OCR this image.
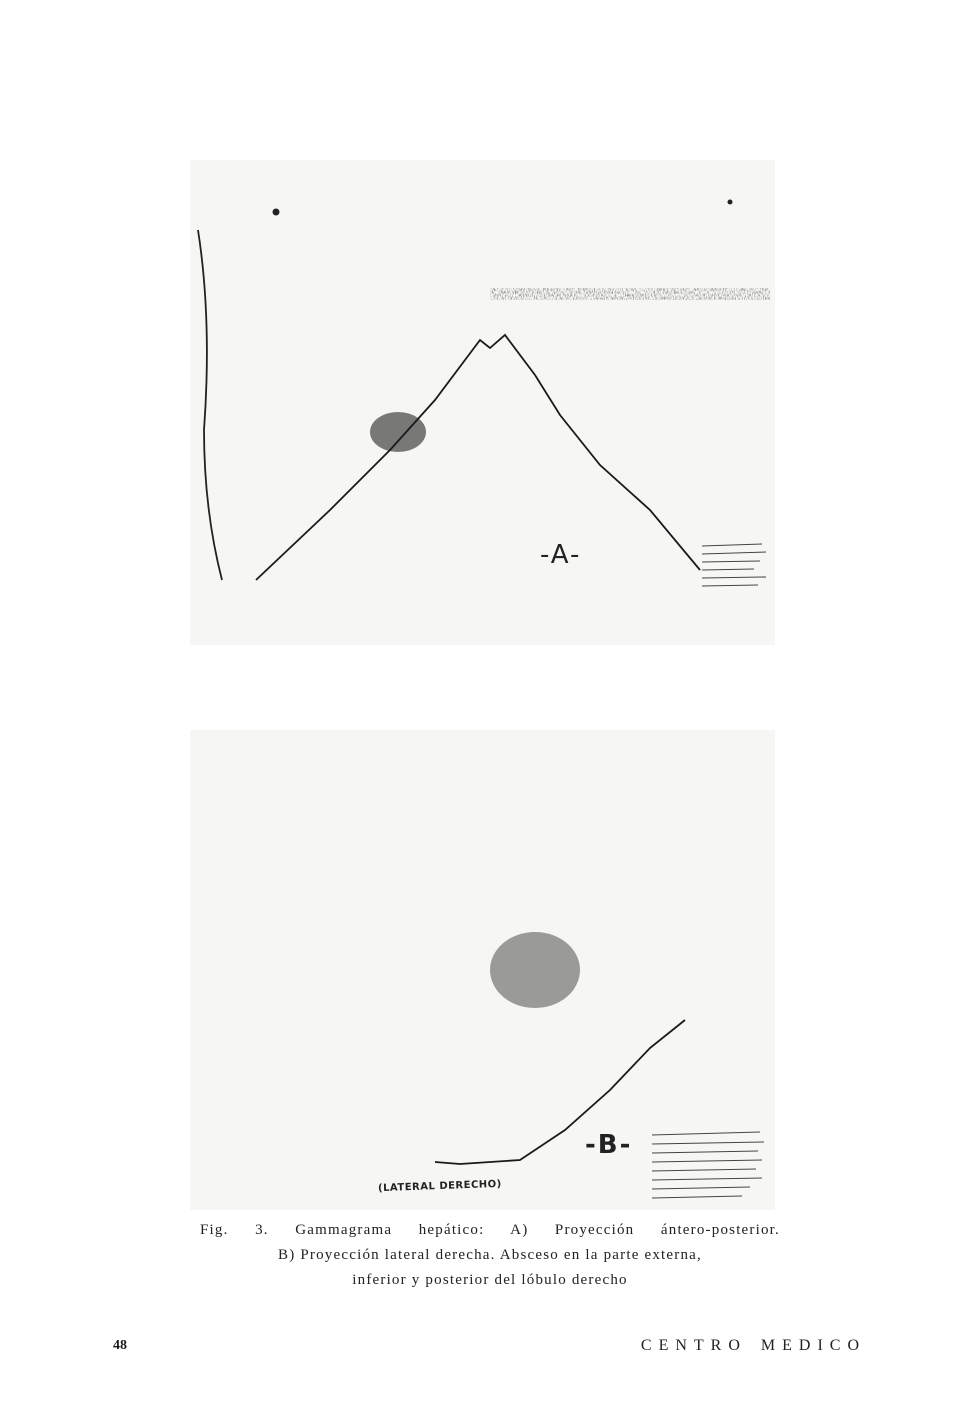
-A-
-B-
(LATERAL DERECHO)
Fig. 3. Gammagrama hepático: A) Proyección ántero-posterior.
B) Proyección lateral derecha. Absceso en la parte externa,
inferior y posterior del lóbulo derecho
48	CENTRO MEDICO
